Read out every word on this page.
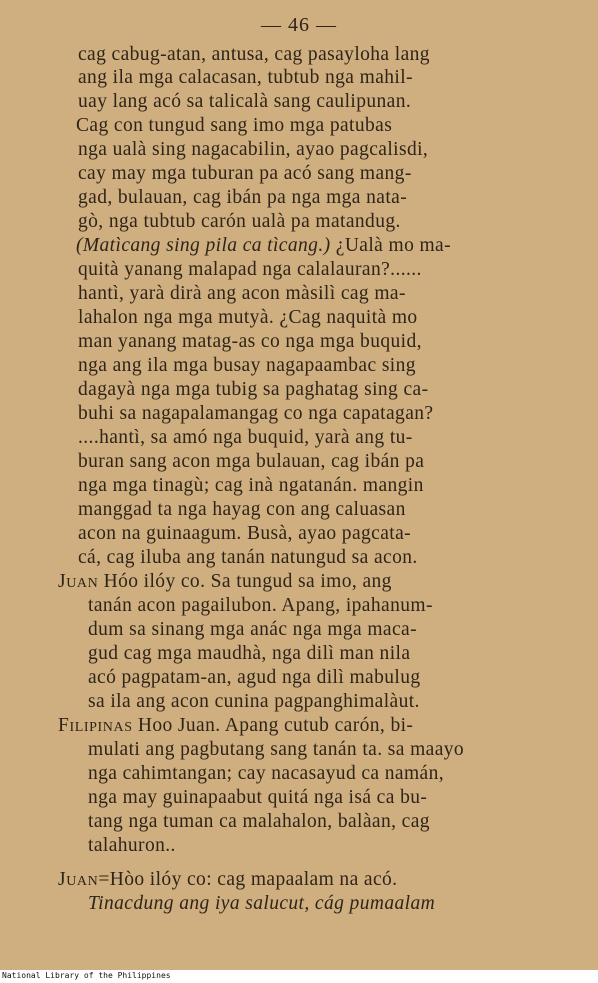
— 46 —
cag cabug-atan, antusa, cag pasayloha lang
ang ila mga calacasan, tubtub nga mahil-
uay lang acó sa talicalà sang caulipunan.
Cag con tungud sang imo mga patubas
nga ualà sing nagacabilin, ayao pagcalisdi,
cay may mga tuburan pa acó sang mang-
gad, bulauan, cag ibán pa nga mga nata-
gò, nga tubtub carón ualà pa matandug.
(Matìcang sing pila ca tìcang.) ¿Ualà mo ma-
quità yanang malapad nga calalauran?......
hantì, yarà dirà ang acon màsilì cag ma-
lahalon nga mga mutyà. ¿Cag naquità mo
man yanang matag-as co nga mga buquid,
nga ang ila mga busay nagapaambac sing
dagayà nga mga tubig sa paghatag sing ca-
buhi sa nagapalamangag co nga capatagan?
....hantì, sa amó nga buquid, yarà ang tu-
buran sang acon mga bulauan, cag ibán pa
nga mga tinagù; cag inà ngatanán. mangin
manggad ta nga hayag con ang caluasan
acon na guinaagum. Busà, ayao pagcata-
cá, cag iluba ang tanán natungud sa acon.
Juan Hóo ilóy co. Sa tungud sa imo, ang
tanán acon pagailubon. Apang, ipahanum-
dum sa sinang mga anác nga mga maca-
gud cag mga maudhà, nga dilì man nila
acó pagpatam-an, agud nga dilì mabulug
sa ila ang acon cunina pagpanghimalàut.
Filipinas Hoo Juan. Apang cutub carón, bi-
mulati ang pagbutang sang tanán ta. sa maayo
nga cahimtangan; cay nacasayud ca namán,
nga may guinapaabut quitá nga isá ca bu-
tang nga tuman ca malahalon, balàan, cag
talahuron..
Juan=Hòo ilóy co: cag mapaalam na acó.
Tinacdung ang iya salucut, cág pumaalam
National Library of the Philippines
